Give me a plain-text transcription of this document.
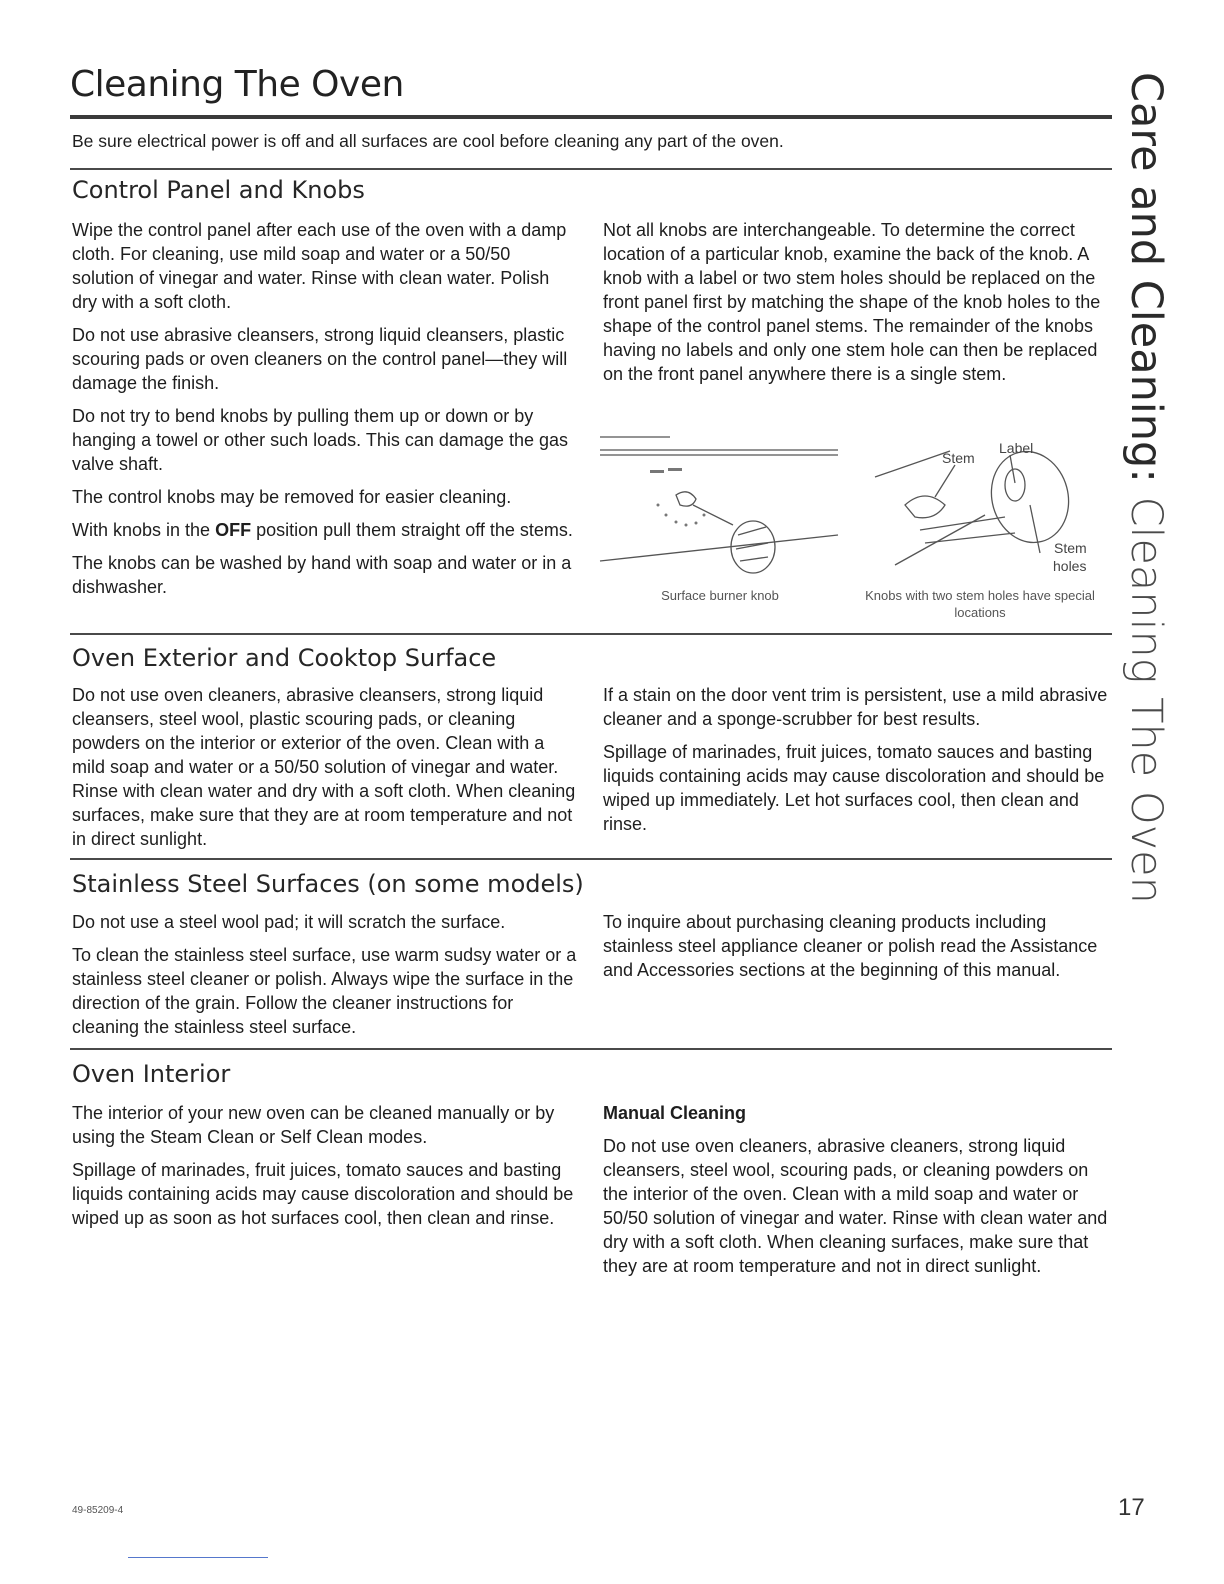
Cleaning The Oven

Be sure electrical power is off and all surfaces are cool before cleaning any part of the oven.

Control Panel and Knobs

Wipe the control panel after each use of the oven with a damp cloth. For cleaning, use mild soap and water or a 50/50 solution of vinegar and water. Rinse with clean water. Polish dry with a soft cloth.

Do not use abrasive cleansers, strong liquid cleansers, plastic scouring pads or oven cleaners on the control panel—they will damage the finish.

Do not try to bend knobs by pulling them up or down or by hanging a towel or other such loads. This can damage the gas valve shaft.

The control knobs may be removed for easier cleaning.

With knobs in the OFF position pull them straight off the stems.

The knobs can be washed by hand with soap and water or in a dishwasher.

Not all knobs are interchangeable. To determine the correct location of a particular knob, examine the back of the knob. A knob with a label or two stem holes should be replaced on the front panel first by matching the shape of the knob holes to the shape of the control panel stems. The remainder of the knobs having no labels and only one stem hole can then be replaced on the front panel anywhere there is a single stem.

Surface burner knob
Label
Stem
Stem
holes
Knobs with two stem holes have special locations
Oven Exterior and Cooktop Surface

Do not use oven cleaners, abrasive cleansers, strong liquid cleansers, steel wool, plastic scouring pads, or cleaning powders on the interior or exterior of the oven. Clean with a mild soap and water or a 50/50 solution of vinegar and water. Rinse with clean water and dry with a soft cloth. When cleaning surfaces, make sure that they are at room temperature and not in direct sunlight.

If a stain on the door vent trim is persistent, use a mild abrasive cleaner and a sponge-scrubber for best results.

Spillage of marinades, fruit juices, tomato sauces and basting liquids containing acids may cause discoloration and should be wiped up immediately. Let hot surfaces cool, then clean and rinse.

Stainless Steel Surfaces (on some models)

Do not use a steel wool pad; it will scratch the surface.

To clean the stainless steel surface, use warm sudsy water or a stainless steel cleaner or polish. Always wipe the surface in the direction of the grain. Follow the cleaner instructions for cleaning the stainless steel surface.

To inquire about purchasing cleaning products including stainless steel appliance cleaner or polish read the Assistance and Accessories sections at the beginning of this manual.

Oven Interior

The interior of your new oven can be cleaned manually or by using the Steam Clean or Self Clean modes.

Spillage of marinades, fruit juices, tomato sauces and basting liquids containing acids may cause discoloration and should be wiped up as soon as hot surfaces cool, then clean and rinse.

Manual Cleaning

Do not use oven cleaners, abrasive cleaners, strong liquid cleansers, steel wool, scouring pads, or cleaning powders on the interior of the oven. Clean with a mild soap and water or 50/50 solution of vinegar and water. Rinse with clean water and dry with a soft cloth. When cleaning surfaces, make sure that they are at room temperature and not in direct sunlight.

Care and Cleaning: Cleaning The Oven
49-85209-4	17
